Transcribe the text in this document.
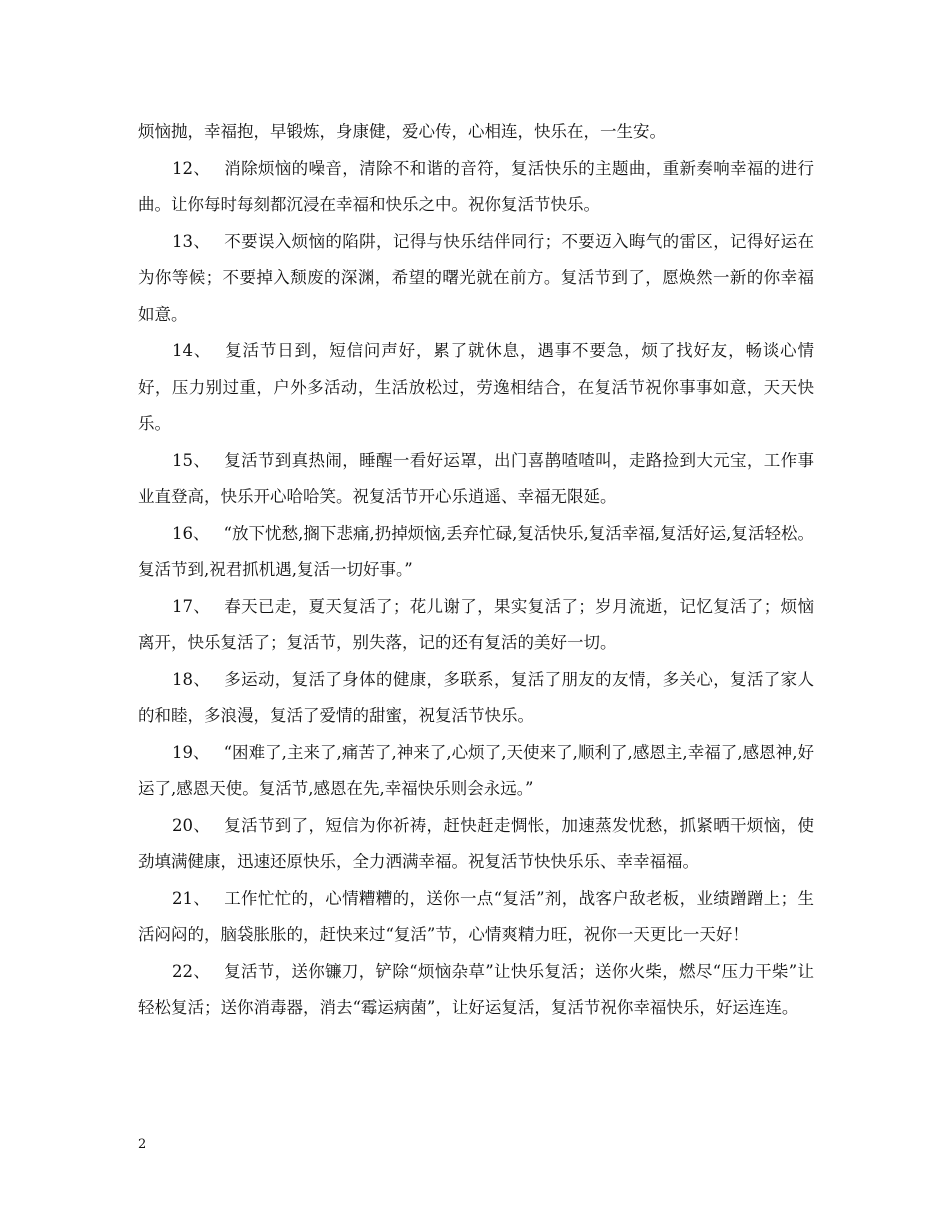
烦恼抛，幸福抱，早锻炼，身康健，爱心传，心相连，快乐在，一生安。

12、 消除烦恼的噪音，清除不和谐的音符，复活快乐的主题曲，重新奏响幸福的进行曲。让你每时每刻都沉浸在幸福和快乐之中。祝你复活节快乐。

13、 不要误入烦恼的陷阱，记得与快乐结伴同行；不要迈入晦气的雷区，记得好运在为你等候；不要掉入颓废的深渊，希望的曙光就在前方。复活节到了，愿焕然一新的你幸福如意。

14、 复活节日到，短信问声好，累了就休息，遇事不要急，烦了找好友，畅谈心情好，压力别过重，户外多活动，生活放松过，劳逸相结合，在复活节祝你事事如意，天天快乐。

15、 复活节到真热闹，睡醒一看好运罩，出门喜鹊喳喳叫，走路捡到大元宝，工作事业直登高，快乐开心哈哈笑。祝复活节开心乐逍遥、幸福无限延。

16、 “放下忧愁,搁下悲痛,扔掉烦恼,丢弃忙碌,复活快乐,复活幸福,复活好运,复活轻松。复活节到,祝君抓机遇,复活一切好事。”

17、 春天已走，夏天复活了；花儿谢了，果实复活了；岁月流逝，记忆复活了；烦恼离开，快乐复活了；复活节，别失落，记的还有复活的美好一切。

18、 多运动，复活了身体的健康，多联系，复活了朋友的友情，多关心，复活了家人的和睦，多浪漫，复活了爱情的甜蜜，祝复活节快乐。

19、 “困难了,主来了,痛苦了,神来了,心烦了,天使来了,顺利了,感恩主,幸福了,感恩神,好运了,感恩天使。复活节,感恩在先,幸福快乐则会永远。”

20、 复活节到了，短信为你祈祷，赶快赶走惆怅，加速蒸发忧愁，抓紧晒干烦恼，使劲填满健康，迅速还原快乐，全力洒满幸福。祝复活节快快乐乐、幸幸福福。

21、 工作忙忙的，心情糟糟的，送你一点“复活”剂，战客户敌老板，业绩蹭蹭上；生活闷闷的，脑袋胀胀的，赶快来过“复活”节，心情爽精力旺，祝你一天更比一天好！

22、 复活节，送你镰刀，铲除“烦恼杂草”让快乐复活；送你火柴，燃尽“压力干柴”让轻松复活；送你消毒器，消去“霉运病菌”，让好运复活，复活节祝你幸福快乐，好运连连。

2
